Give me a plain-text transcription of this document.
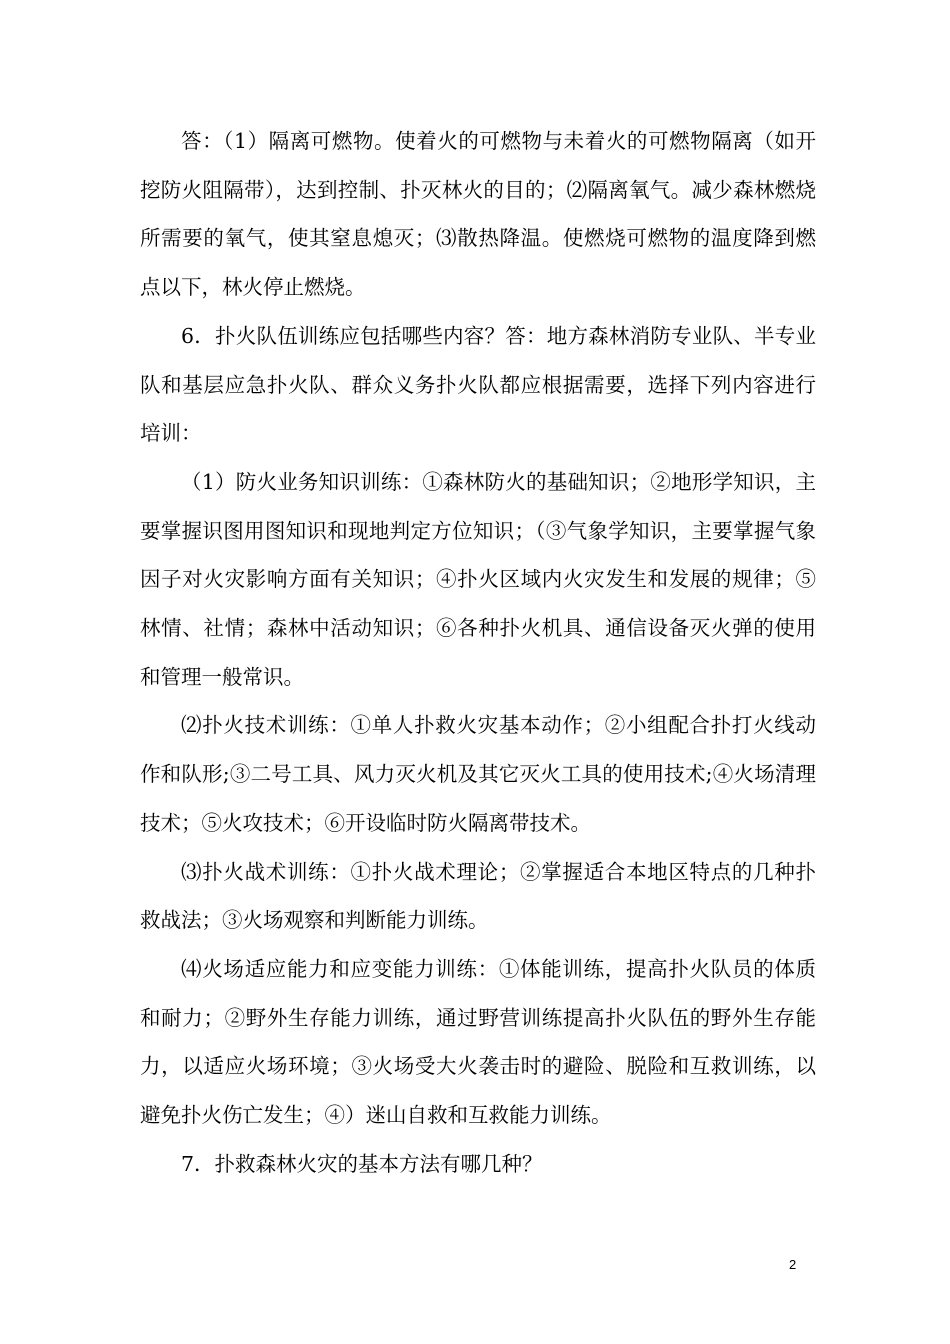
答：（1）隔离可燃物。使着火的可燃物与未着火的可燃物隔离（如开挖防火阻隔带），达到控制、扑灭林火的目的；⑵隔离氧气。减少森林燃烧所需要的氧气，使其窒息熄灭；⑶散热降温。使燃烧可燃物的温度降到燃点以下，林火停止燃烧。

6．扑火队伍训练应包括哪些内容？答：地方森林消防专业队、半专业队和基层应急扑火队、群众义务扑火队都应根据需要，选择下列内容进行培训：

（1）防火业务知识训练：①森林防火的基础知识；②地形学知识，主要掌握识图用图知识和现地判定方位知识；（③气象学知识，主要掌握气象因子对火灾影响方面有关知识；④扑火区域内火灾发生和发展的规律；⑤林情、社情；森林中活动知识；⑥各种扑火机具、通信设备灭火弹的使用和管理一般常识。

⑵扑火技术训练：①单人扑救火灾基本动作；②小组配合扑打火线动作和队形;③二号工具、风力灭火机及其它灭火工具的使用技术;④火场清理技术；⑤火攻技术；⑥开设临时防火隔离带技术。

⑶扑火战术训练：①扑火战术理论；②掌握适合本地区特点的几种扑救战法；③火场观察和判断能力训练。

⑷火场适应能力和应变能力训练：①体能训练，提高扑火队员的体质和耐力；②野外生存能力训练，通过野营训练提高扑火队伍的野外生存能力，以适应火场环境；③火场受大火袭击时的避险、脱险和互救训练，以避免扑火伤亡发生；④）迷山自救和互救能力训练。

7．扑救森林火灾的基本方法有哪几种？

2
